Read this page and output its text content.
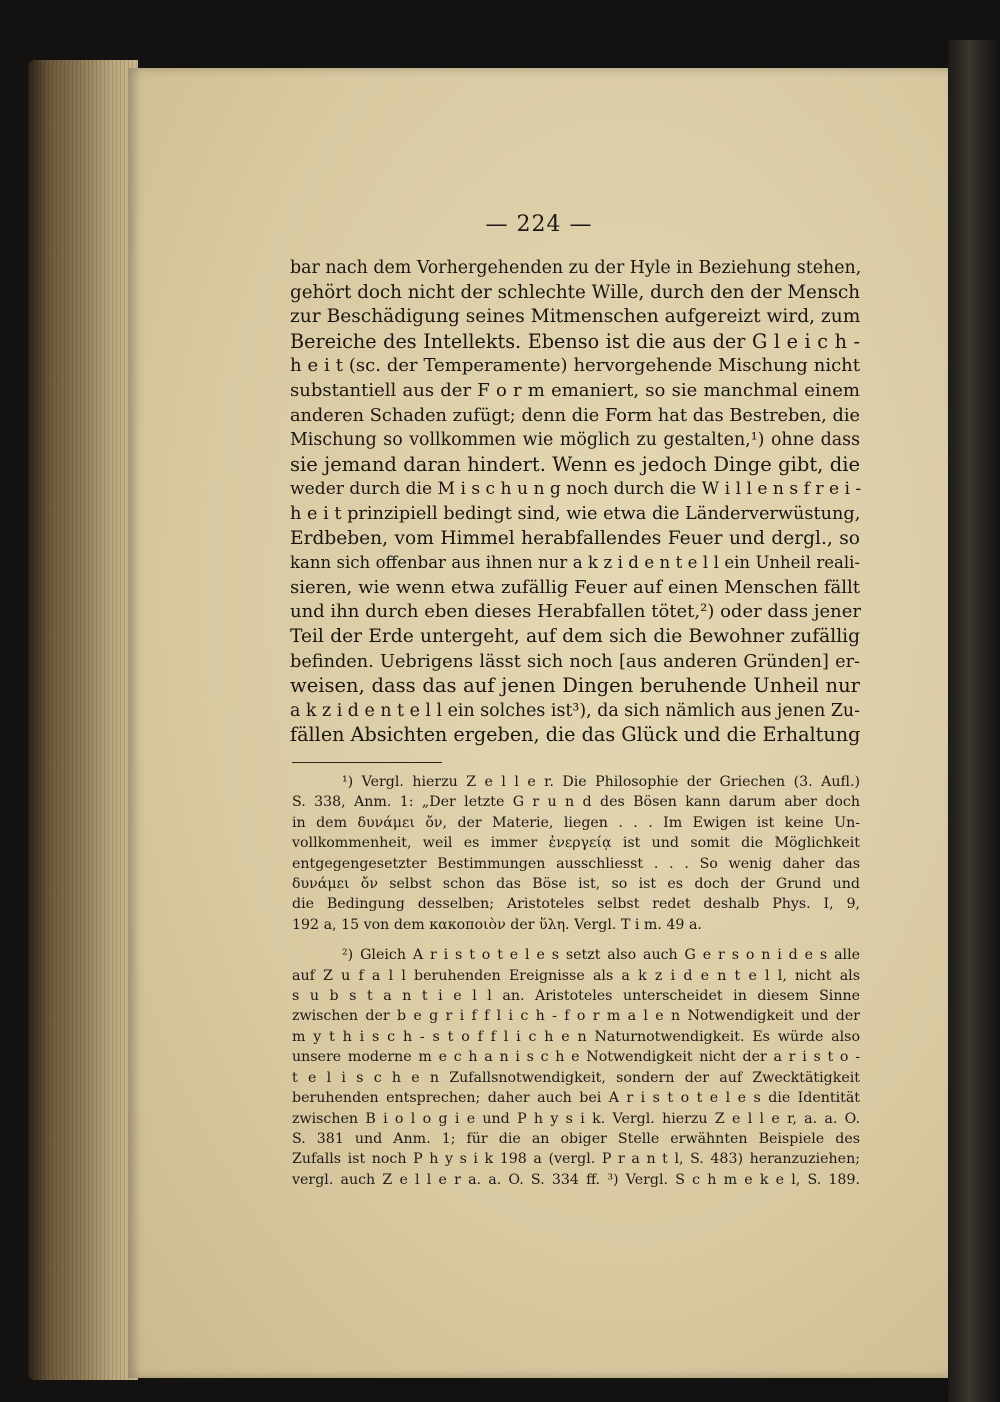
— 224 —
bar nach dem Vorhergehenden zu der Hyle in Beziehung stehen,
gehört doch nicht der schlechte Wille, durch den der Mensch
zur Beschädigung seines Mitmenschen aufgereizt wird, zum
Bereiche des Intellekts. Ebenso ist die aus der G l e i c h -
h e i t (sc. der Temperamente) hervorgehende Mischung nicht
substantiell aus der F o r m emaniert, so sie manchmal einem
anderen Schaden zufügt; denn die Form hat das Bestreben, die
Mischung so vollkommen wie möglich zu gestalten,¹) ohne dass
sie jemand daran hindert. Wenn es jedoch Dinge gibt, die
weder durch die M i s c h u n g noch durch die W i l l e n s f r e i -
h e i t prinzipiell bedingt sind, wie etwa die Länderverwüstung,
Erdbeben, vom Himmel herabfallendes Feuer und dergl., so
kann sich offenbar aus ihnen nur a k z i d e n t e l l ein Unheil reali-
sieren, wie wenn etwa zufällig Feuer auf einen Menschen fällt
und ihn durch eben dieses Herabfallen tötet,²) oder dass jener
Teil der Erde untergeht, auf dem sich die Bewohner zufällig
befinden. Uebrigens lässt sich noch [aus anderen Gründen] er-
weisen, dass das auf jenen Dingen beruhende Unheil nur
a k z i d e n t e l l ein solches ist³), da sich nämlich aus jenen Zu-
fällen Absichten ergeben, die das Glück und die Erhaltung
¹) Vergl. hierzu Z e l l e r. Die Philosophie der Griechen (3. Aufl.)
S. 338, Anm. 1: „Der letzte G r u n d des Bösen kann darum aber doch
in dem δυνάμει ὄν, der Materie, liegen . . . Im Ewigen ist keine Un-
vollkommenheit, weil es immer ἐνεργείᾳ ist und somit die Möglichkeit
entgegengesetzter Bestimmungen ausschliesst . . . So wenig daher das
δυνάμει ὄν selbst schon das Böse ist, so ist es doch der Grund und
die Bedingung desselben; Aristoteles selbst redet deshalb Phys. I, 9,
192 a, 15 von dem κακοποιὸν der ὕλη. Vergl. T i m. 49 a.
²) Gleich A r i s t o t e l e s setzt also auch G e r s o n i d e s alle
auf Z u f a l l beruhenden Ereignisse als a k z i d e n t e l l, nicht als
s u b s t a n t i e l l an. Aristoteles unterscheidet in diesem Sinne
zwischen der b e g r i f f l i c h - f o r m a l e n Notwendigkeit und der
m y t h i s c h - s t o f f l i c h e n Naturnotwendigkeit. Es würde also
unsere moderne m e c h a n i s c h e Notwendigkeit nicht der a r i s t o -
t e l i s c h e n Zufallsnotwendigkeit, sondern der auf Zwecktätigkeit
beruhenden entsprechen; daher auch bei A r i s t o t e l e s die Identität
zwischen B i o l o g i e und P h y s i k. Vergl. hierzu Z e l l e r, a. a. O.
S. 381 und Anm. 1; für die an obiger Stelle erwähnten Beispiele des
Zufalls ist noch P h y s i k 198 a (vergl. P r a n t l, S. 483) heranzuziehen;
vergl. auch Z e l l e r a. a. O. S. 334 ff. ³) Vergl. S c h m e k e l, S. 189.
